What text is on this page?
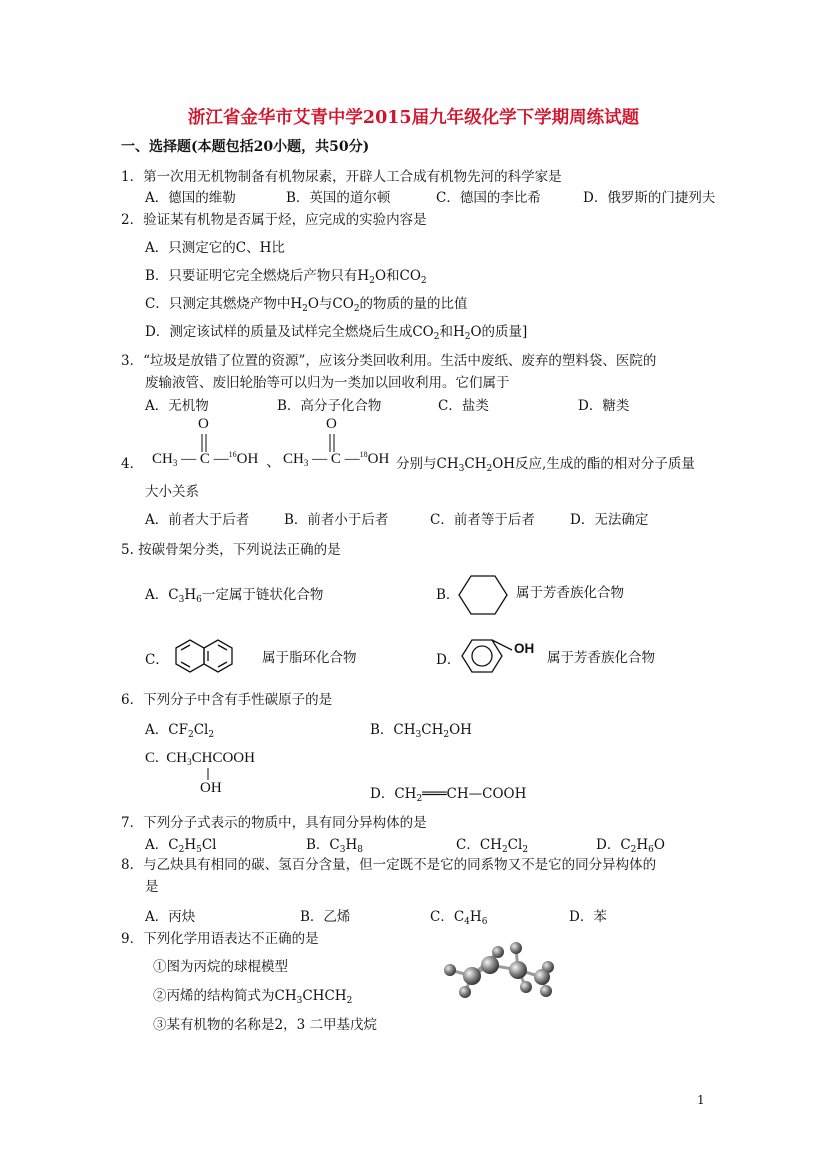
浙江省金华市艾青中学2015届九年级化学下学期周练试题
一、选择题(本题包括20小题，共50分)
1．第一次用无机物制备有机物尿素，开辟人工合成有机物先河的科学家是
A．德国的维勒	B．英国的道尔顿	C．德国的李比希	D．俄罗斯的门捷列夫
2．验证某有机物是否属于烃，应完成的实验内容是
A．只测定它的C、H比
B．只要证明它完全燃烧后产物只有$H_2O$和$CO_2$
C．只测定其燃烧产物中$H_2O$与$CO_2$的物质的量的比值
D．测定该试样的质量及试样完全燃烧后生成$CO_2$和$H_2O$的质量]
3．“垃圾是放错了位置的资源”，应该分类回收利用。生活中废纸、废弃的塑料袋、医院的
废输液管、废旧轮胎等可以归为一类加以回收利用。它们属于
A．无机物	B．高分子化合物	C．盐类	D．糖类
4． $CH_3$ — C —$^{16}$OH
O
、 $CH_3$ — C —$^{18}$OH
O
分别与$CH_3CH_2OH$反应,生成的酯的相对分子质量
大小关系
A．前者大于后者	B．前者小于后者	C．前者等于后者	D．无法确定
5. 按碳骨架分类，下列说法正确的是
A．$C_3H_6$一定属于链状化合物	B．	属于芳香族化合物
C．	属于脂环化合物	D．
OH
属于芳香族化合物
6．下列分子中含有手性碳原子的是
A．$CF_2Cl_2$	B．$CH_3CH_2OH$
C. $CH_3CHCOOH$
OH	D．$CH_2═══CH—COOH$
7．下列分子式表示的物质中，具有同分异构体的是
A．$C_2H_5Cl$	B．$C_3H_8$	C．$CH_2Cl_2$	D．$C_2H_6O$
8．与乙炔具有相同的碳、氢百分含量，但一定既不是它的同系物又不是它的同分异构体的
是
A．丙炔	B．乙烯	C．$C_4H_6$	D．苯
9．下列化学用语表达不正确的是
①图为丙烷的球棍模型
②丙烯的结构简式为$CH_3CHCH_2$
③某有机物的名称是2，3 二甲基戊烷
1
